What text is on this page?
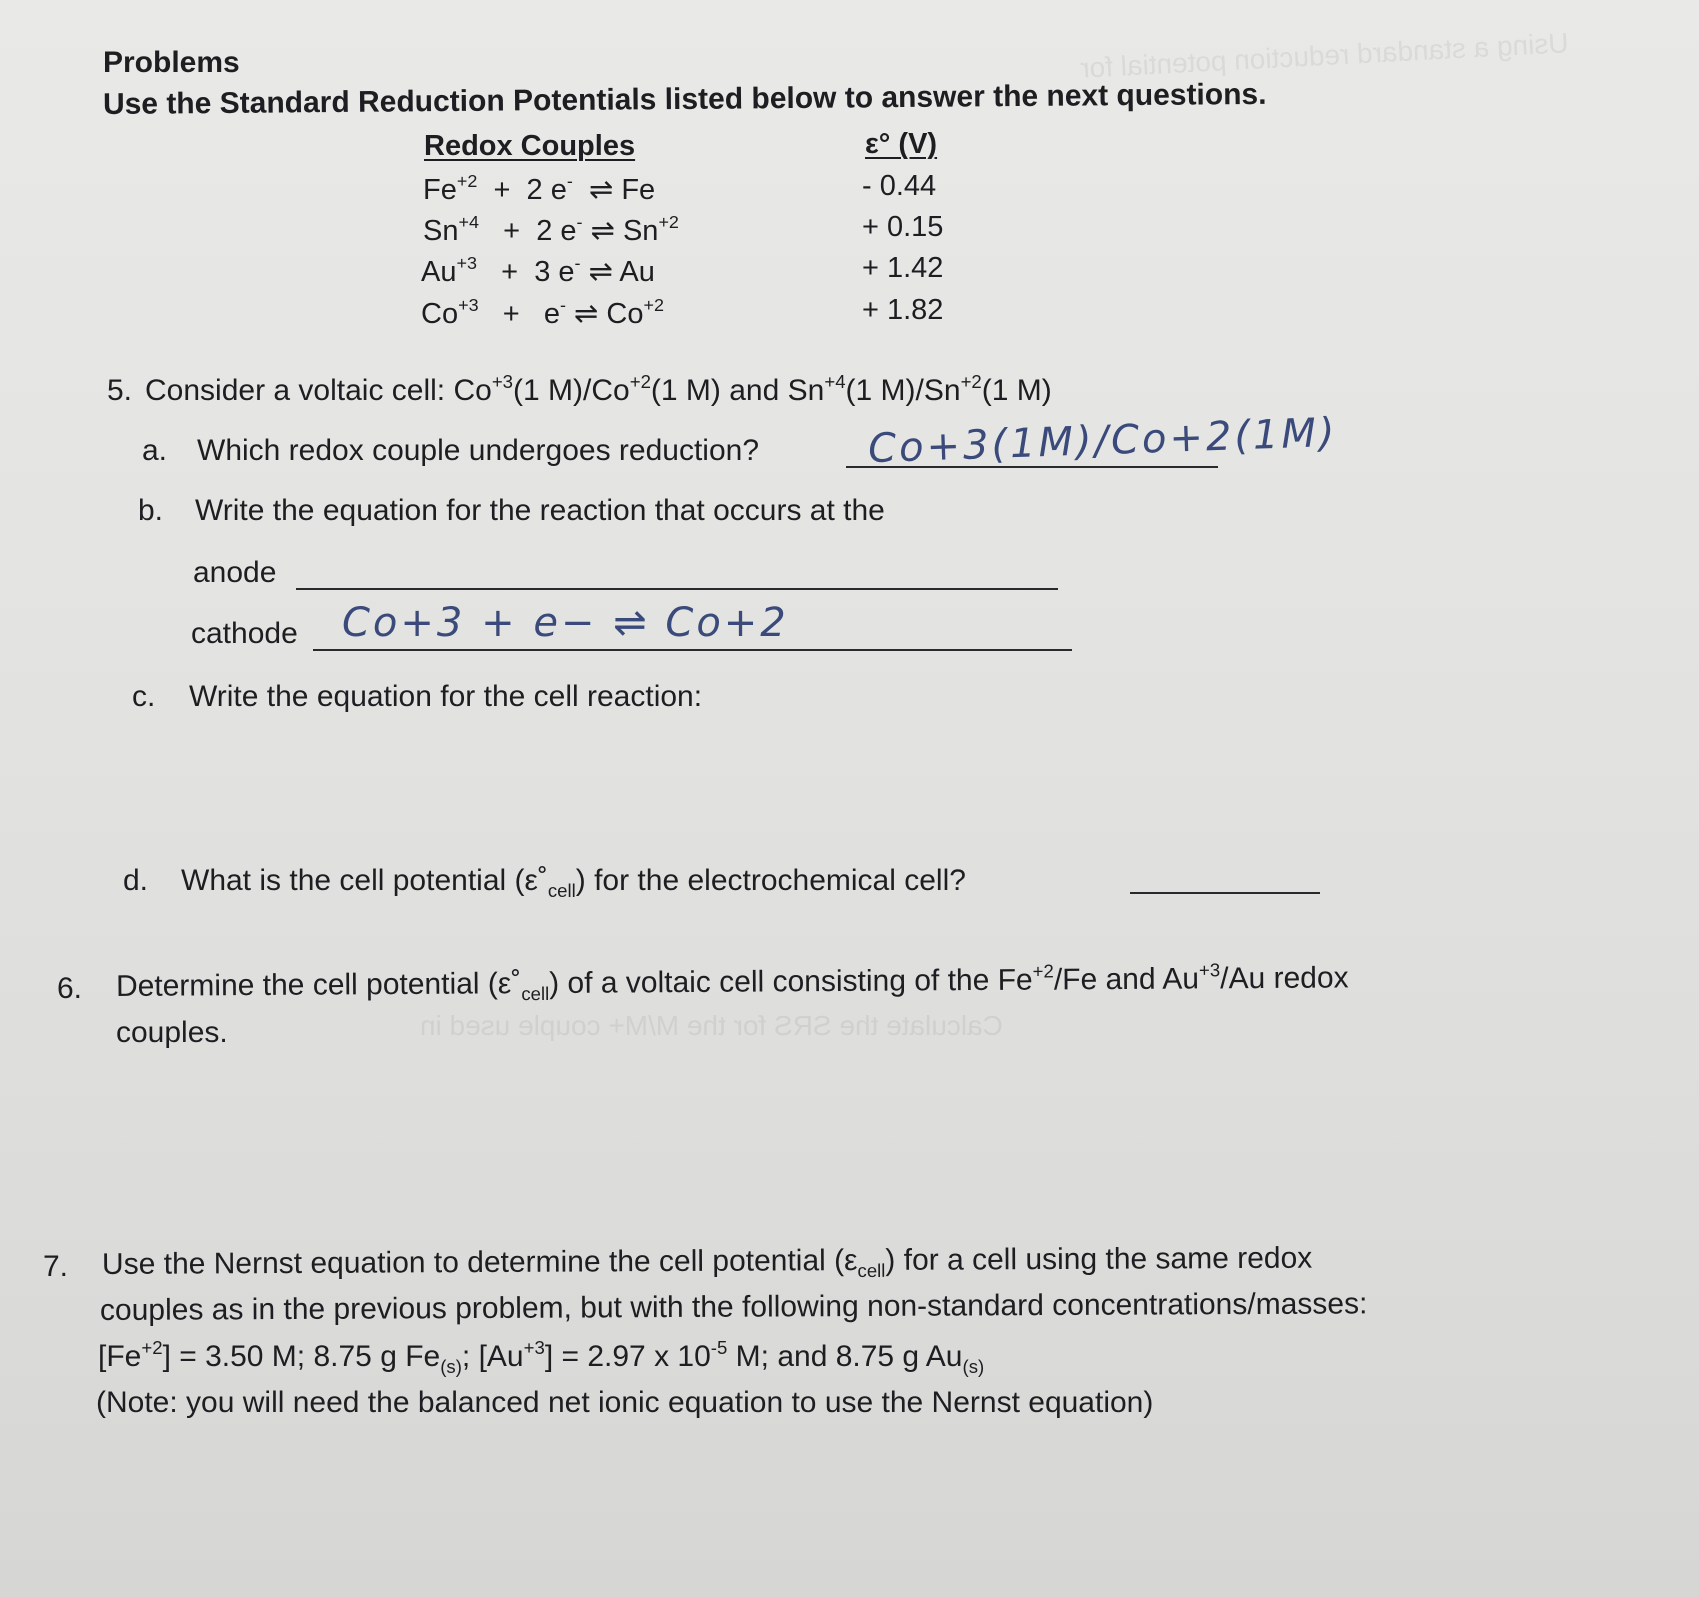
Using a standard reduction potential for
Calculate the SRS for the M/M+ couple used in
Problems
Use the Standard Reduction Potentials listed below to answer the next questions.
Redox Couples	ε° (V)
$Fe^{+2} + 2$ e-  ⇌ Fe	- 0.44
$Sn^{+4} + 2$ e- ⇌ $Sn^{+2}$	+ 0.15
$Au^{+3} + 3$ e- ⇌ Au	+ 1.42
$Co^{+3} + e^-$ ⇌ $Co^{+2}$	+ 1.82
5. Consider a voltaic cell: $Co^{+3}(1$ $M)/Co^{+2}(1$ M) and $Sn^{+4}(1$ $M)/Sn^{+2}(1$ M)
a. Which redox couple undergoes reduction?	Co+3(1M)/Co+2(1M)
b. Write the equation for the reaction that occurs at the
anode
cathode Co+3 + e− ⇌ Co+2
c. Write the equation for the cell reaction:
d. What is the cell potential $(\varepsilon˚_{cell})$ for the electrochemical cell?
6. Determine the cell potential $(\varepsilon˚_{cell})$ of a voltaic cell consisting of the $Fe^{+2}/Fe$ and $Au^{+3}/Au$ redox
couples.
7. Use the Nernst equation to determine the cell potential $(\varepsilon_{cell})$ for a cell using the same redox
couples as in the previous problem, but with the following non-standard concentrations/masses:
$[Fe^{+2}] = 3.50$ M; 8.75 g $Fe_{(s)}$; $[Au^{+3}] = 2.97$ x $10^{-5}$ M; and 8.75 g $Au_{(s)}$
(Note: you will need the balanced net ionic equation to use the Nernst equation)
